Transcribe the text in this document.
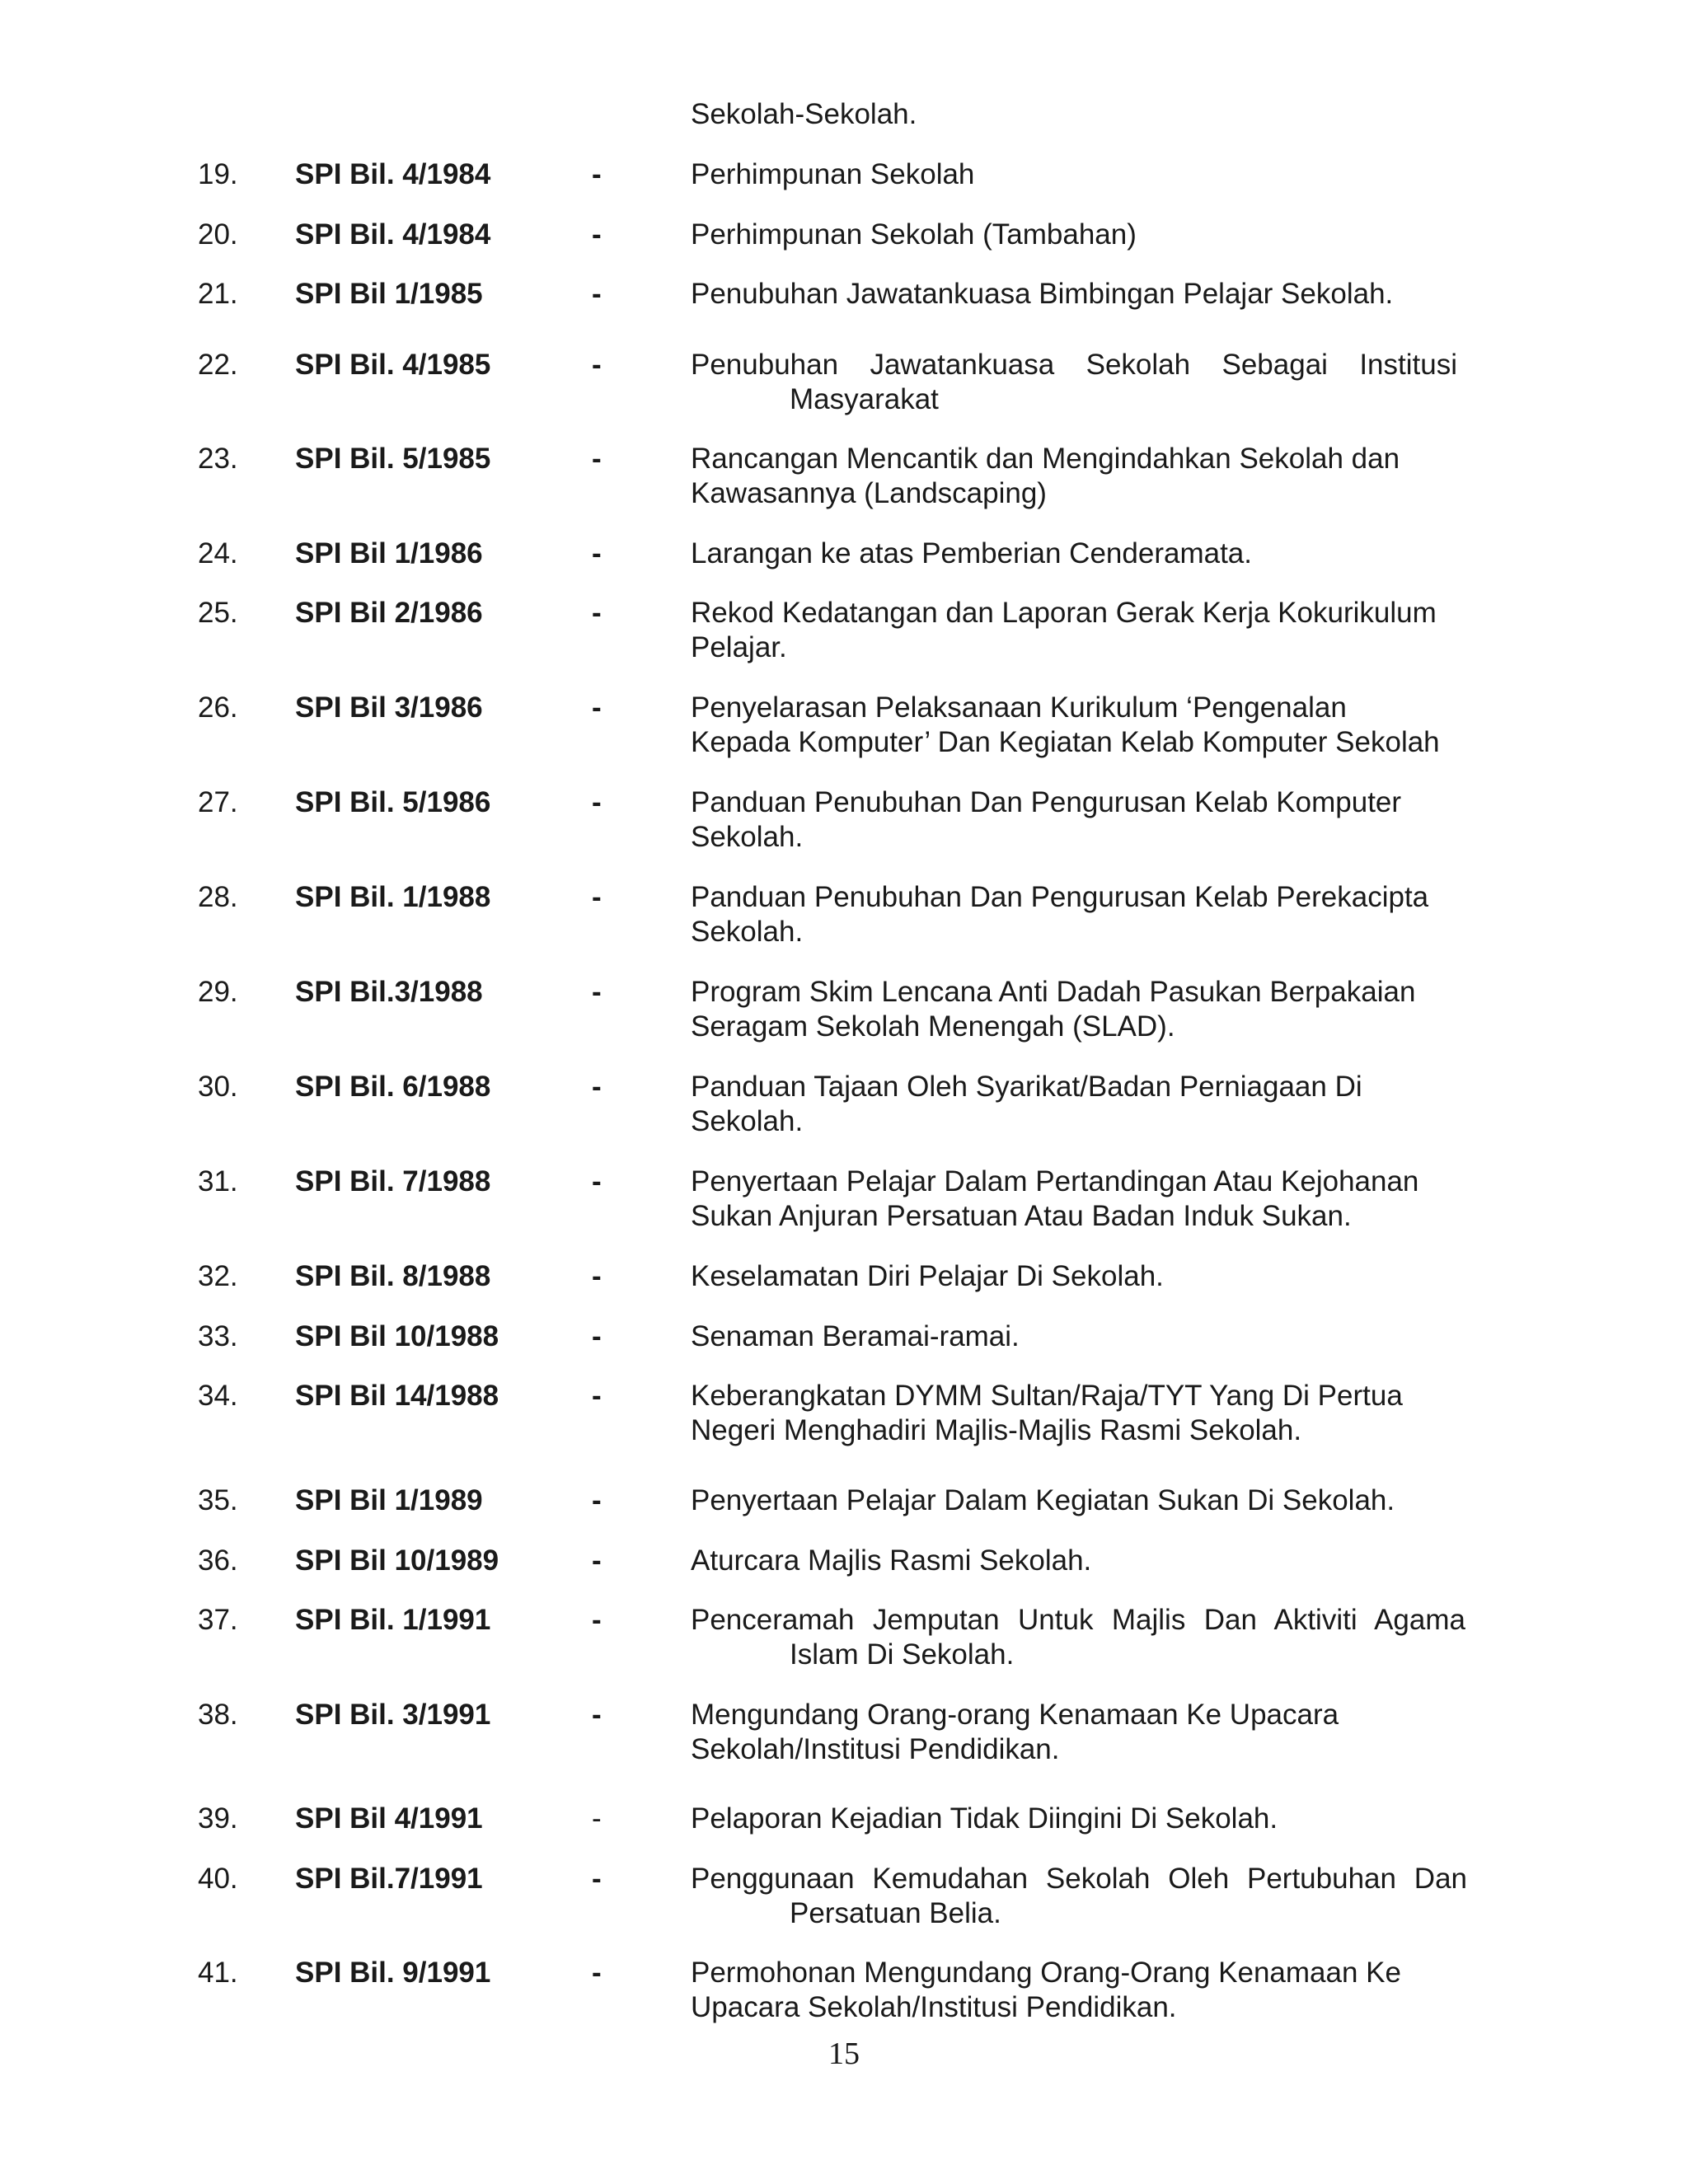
Sekolah-Sekolah.
19. SPI Bil. 4/1984	-	Perhimpunan Sekolah
20. SPI Bil. 4/1984	-	Perhimpunan Sekolah (Tambahan)
21. SPI Bil 1/1985	-	Penubuhan Jawatankuasa Bimbingan Pelajar Sekolah.
22. SPI Bil. 4/1985	-	Penubuhan Jawatankuasa Sekolah Sebagai Institusi
Masyarakat
23. SPI Bil. 5/1985	-	Rancangan Mencantik dan Mengindahkan Sekolah dan
Kawasannya (Landscaping)
24. SPI Bil 1/1986	-	Larangan ke atas Pemberian Cenderamata.
25. SPI Bil 2/1986	-	Rekod Kedatangan dan Laporan Gerak Kerja Kokurikulum
Pelajar.
26. SPI Bil 3/1986	-	Penyelarasan Pelaksanaan Kurikulum ‘Pengenalan
Kepada Komputer’ Dan Kegiatan Kelab Komputer Sekolah
27. SPI Bil. 5/1986	-	Panduan Penubuhan Dan Pengurusan Kelab Komputer
Sekolah.
28. SPI Bil. 1/1988	-	Panduan Penubuhan Dan Pengurusan Kelab Perekacipta
Sekolah.
29. SPI Bil.3/1988	-	Program Skim Lencana Anti Dadah Pasukan Berpakaian
Seragam Sekolah Menengah (SLAD).
30. SPI Bil. 6/1988	-	Panduan Tajaan Oleh Syarikat/Badan Perniagaan Di
Sekolah.
31. SPI Bil. 7/1988	-	Penyertaan Pelajar Dalam Pertandingan Atau Kejohanan
Sukan Anjuran Persatuan Atau Badan Induk Sukan.
32. SPI Bil. 8/1988	-	Keselamatan Diri Pelajar Di Sekolah.
33. SPI Bil 10/1988	-	Senaman Beramai-ramai.
34. SPI Bil 14/1988	-	Keberangkatan DYMM Sultan/Raja/TYT Yang Di Pertua
Negeri Menghadiri Majlis-Majlis Rasmi Sekolah.
35. SPI Bil 1/1989	-	Penyertaan Pelajar Dalam Kegiatan Sukan Di Sekolah.
36. SPI Bil 10/1989	-	Aturcara Majlis Rasmi Sekolah.
37. SPI Bil. 1/1991	-	Penceramah Jemputan Untuk Majlis Dan Aktiviti Agama
Islam Di Sekolah.
38. SPI Bil. 3/1991	-	Mengundang Orang-orang Kenamaan Ke Upacara
Sekolah/Institusi Pendidikan.
39. SPI Bil 4/1991	-	Pelaporan Kejadian Tidak Diingini Di Sekolah.
40. SPI Bil.7/1991	-	Penggunaan Kemudahan Sekolah Oleh Pertubuhan Dan
Persatuan Belia.
41. SPI Bil. 9/1991	-	Permohonan Mengundang Orang-Orang Kenamaan Ke
Upacara Sekolah/Institusi Pendidikan.
15
